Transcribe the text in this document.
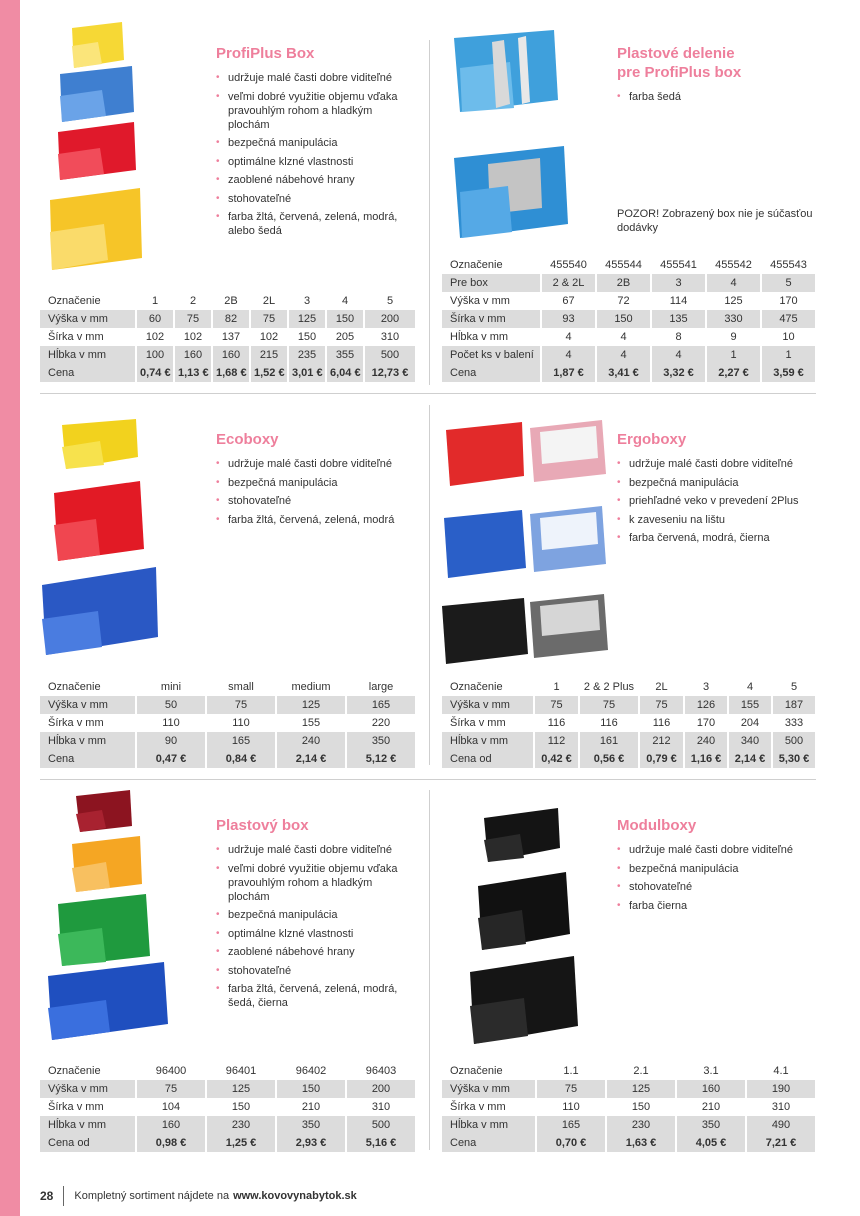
ProfiPlus Box
• udržuje malé časti dobre viditeľné
• veľmi dobré využitie objemu vďaka pravouhlým rohom a hladkým plochám
• bezpečná manipulácia
• optimálne klzné vlastnosti
• zaoblené nábehové hrany
• stohovateľné
• farba žltá, červená, zelená, modrá, alebo šedá
Označenie	1	2	2B	2L	3	4	5
Výška v mm	60	75	82	75	125	150	200
Šírka v mm	102	102	137	102	150	205	310
Hĺbka v mm	100	160	160	215	235	355	500
Cena	0,74 €	1,13 €	1,68 €	1,52 €	3,01 €	6,04 €	12,73 €
Plastové delenie
pre ProfiPlus box
• farba šedá
POZOR! Zobrazený box nie je súčasťou dodávky
Označenie	455540	455544	455541	455542	455543
Pre box	2 & 2L	2B	3	4	5
Výška v mm	67	72	114	125	170
Šírka v mm	93	150	135	330	475
Hĺbka v mm	4	4	8	9	10
Počet ks v balení	4	4	4	1	1
Cena	1,87 €	3,41 €	3,32 €	2,27 €	3,59 €
Ecoboxy
• udržuje malé časti dobre viditeľné
• bezpečná manipulácia
• stohovateľné
• farba žltá, červená, zelená, modrá
Označenie	mini	small	medium	large
Výška v mm	50	75	125	165
Šírka v mm	110	110	155	220
Hĺbka v mm	90	165	240	350
Cena	0,47 €	0,84 €	2,14 €	5,12 €
Ergoboxy
• udržuje malé časti dobre viditeľné
• bezpečná manipulácia
• priehľadné veko v prevedení 2Plus
• k zaveseniu na lištu
• farba červená, modrá, čierna
Označenie	1	2 & 2 Plus	2L	3	4	5
Výška v mm	75	75	75	126	155	187
Šírka v mm	116	116	116	170	204	333
Hĺbka v mm	112	161	212	240	340	500
Cena od	0,42 €	0,56 €	0,79 €	1,16 €	2,14 €	5,30 €
Plastový box
• udržuje malé časti dobre viditeľné
• veľmi dobré využitie objemu vďaka pravouhlým rohom a hladkým plochám
• bezpečná manipulácia
• optimálne klzné vlastnosti
• zaoblené nábehové hrany
• stohovateľné
• farba žltá, červená, zelená, modrá, šedá, čierna
Označenie	96400	96401	96402	96403
Výška v mm	75	125	150	200
Šírka v mm	104	150	210	310
Hĺbka v mm	160	230	350	500
Cena od	0,98 €	1,25 €	2,93 €	5,16 €
Modulboxy
• udržuje malé časti dobre viditeľné
• bezpečná manipulácia
• stohovateľné
• farba čierna
Označenie	1.1	2.1	3.1	4.1
Výška v mm	75	125	160	190
Šírka v mm	110	150	210	310
Hĺbka v mm	165	230	350	490
Cena	0,70 €	1,63 €	4,05 €	7,21 €
28	Kompletný sortiment nájdete na www.kovovynabytok.sk
